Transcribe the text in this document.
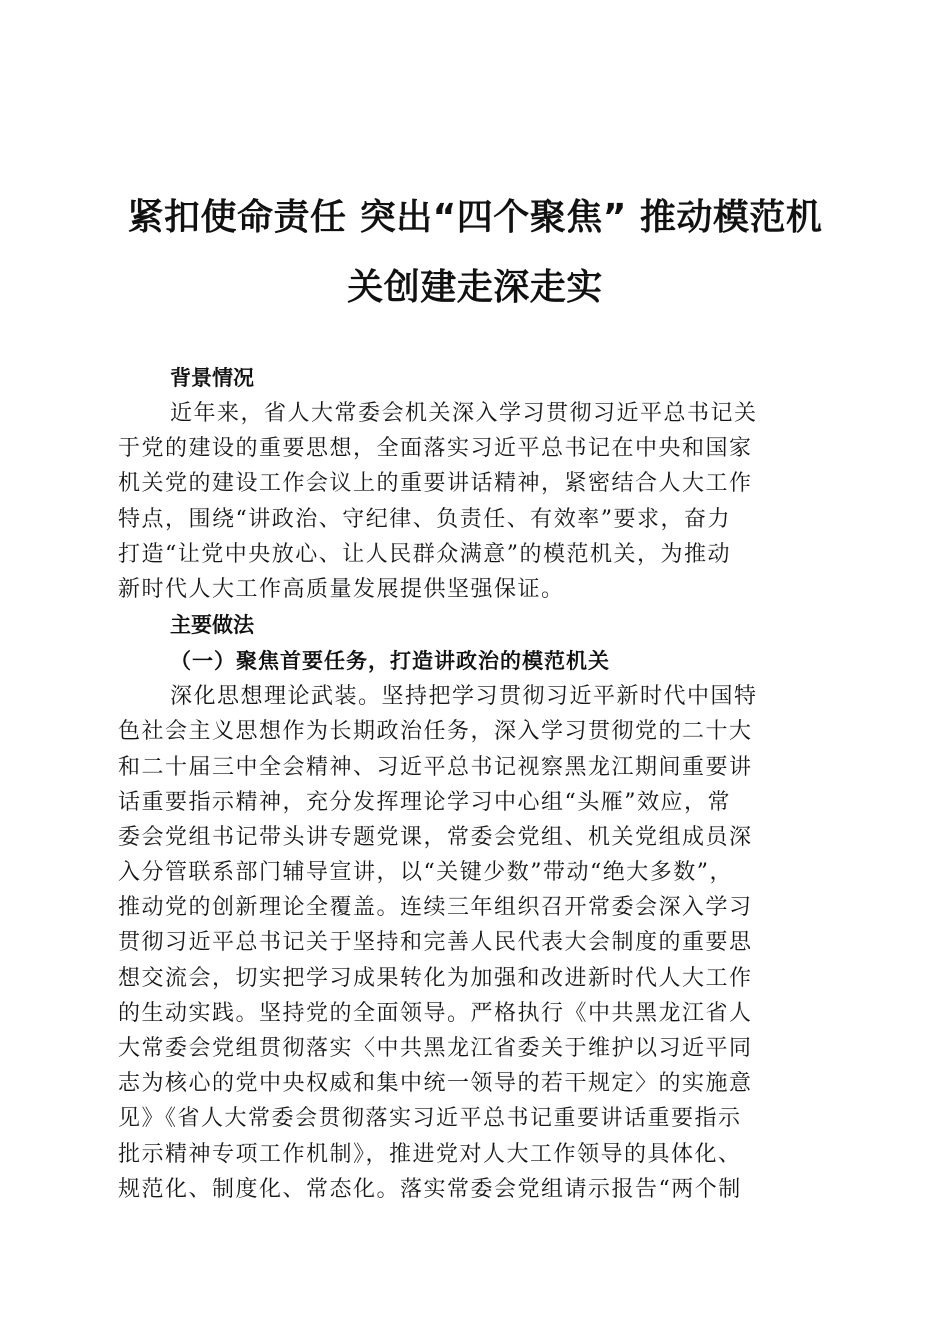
紧扣使命责任 突出“四个聚焦” 推动模范机
关创建走深走实
背景情况
近年来，省人大常委会机关深入学习贯彻习近平总书记关
于党的建设的重要思想，全面落实习近平总书记在中央和国家
机关党的建设工作会议上的重要讲话精神，紧密结合人大工作
特点，围绕“讲政治、守纪律、负责任、有效率”要求，奋力
打造“让党中央放心、让人民群众满意”的模范机关，为推动
新时代人大工作高质量发展提供坚强保证。
主要做法
（一）聚焦首要任务，打造讲政治的模范机关
深化思想理论武装。坚持把学习贯彻习近平新时代中国特
色社会主义思想作为长期政治任务，深入学习贯彻党的二十大
和二十届三中全会精神、习近平总书记视察黑龙江期间重要讲
话重要指示精神，充分发挥理论学习中心组“头雁”效应，常
委会党组书记带头讲专题党课，常委会党组、机关党组成员深
入分管联系部门辅导宣讲，以“关键少数”带动“绝大多数”，
推动党的创新理论全覆盖。连续三年组织召开常委会深入学习
贯彻习近平总书记关于坚持和完善人民代表大会制度的重要思
想交流会，切实把学习成果转化为加强和改进新时代人大工作
的生动实践。坚持党的全面领导。严格执行《中共黑龙江省人
大常委会党组贯彻落实〈中共黑龙江省委关于维护以习近平同
志为核心的党中央权威和集中统一领导的若干规定〉的实施意
见》《省人大常委会贯彻落实习近平总书记重要讲话重要指示
批示精神专项工作机制》，推进党对人大工作领导的具体化、
规范化、制度化、常态化。落实常委会党组请示报告“两个制
